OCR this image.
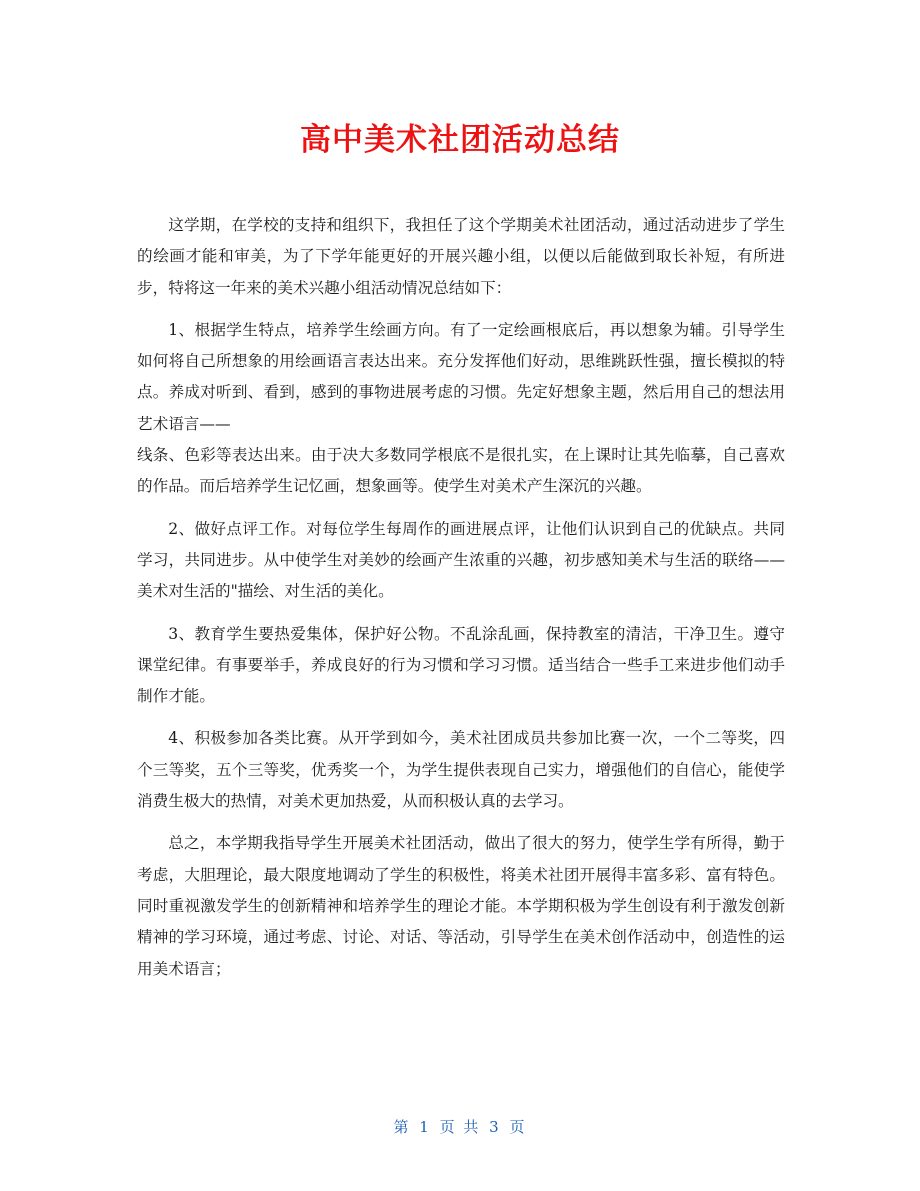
高中美术社团活动总结

这学期，在学校的支持和组织下，我担任了这个学期美术社团活动，通过活动进步了学生的绘画才能和审美，为了下学年能更好的开展兴趣小组，以便以后能做到取长补短，有所进步，特将这一年来的美术兴趣小组活动情况总结如下：

1、根据学生特点，培养学生绘画方向。有了一定绘画根底后，再以想象为辅。引导学生如何将自己所想象的用绘画语言表达出来。充分发挥他们好动，思维跳跃性强，擅长模拟的特点。养成对听到、看到，感到的事物进展考虑的习惯。先定好想象主题，然后用自己的想法用艺术语言——

线条、色彩等表达出来。由于决大多数同学根底不是很扎实，在上课时让其先临摹，自己喜欢的作品。而后培养学生记忆画，想象画等。使学生对美术产生深沉的兴趣。

2、做好点评工作。对每位学生每周作的画进展点评，让他们认识到自己的优缺点。共同学习，共同进步。从中使学生对美妙的绘画产生浓重的兴趣，初步感知美术与生活的联络——美术对生活的"描绘、对生活的美化。

3、教育学生要热爱集体，保护好公物。不乱涂乱画，保持教室的清洁，干净卫生。遵守课堂纪律。有事要举手，养成良好的行为习惯和学习习惯。适当结合一些手工来进步他们动手制作才能。

4、积极参加各类比赛。从开学到如今，美术社团成员共参加比赛一次，一个二等奖，四个三等奖，五个三等奖，优秀奖一个，为学生提供表现自己实力，增强他们的自信心，能使学消费生极大的热情，对美术更加热爱，从而积极认真的去学习。

总之，本学期我指导学生开展美术社团活动，做出了很大的努力，使学生学有所得，勤于考虑，大胆理论，最大限度地调动了学生的积极性，将美术社团开展得丰富多彩、富有特色。同时重视激发学生的创新精神和培养学生的理论才能。本学期积极为学生创设有利于激发创新精神的学习环境，通过考虑、讨论、对话、等活动，引导学生在美术创作活动中，创造性的运用美术语言；

第 1 页 共 3 页
